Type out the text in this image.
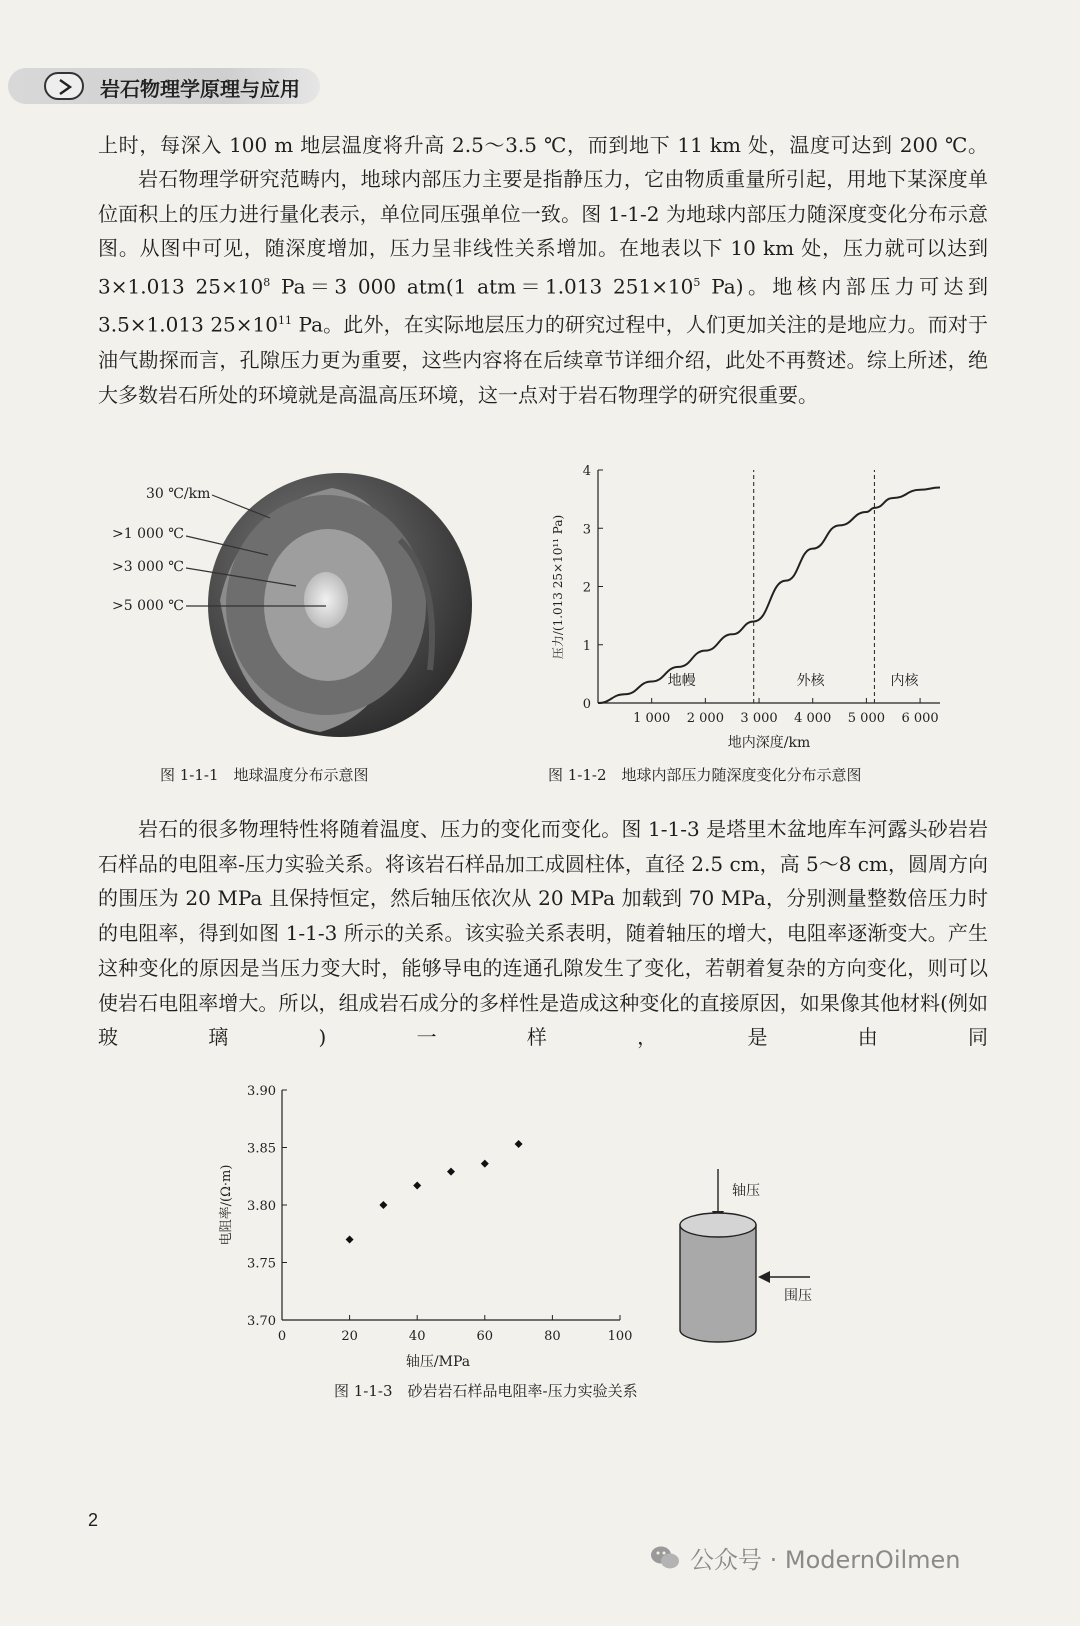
岩石物理学原理与应用

上时，每深入 100 m 地层温度将升高 2.5～3.5 ℃，而到地下 11 km 处，温度可达到 200 ℃。

岩石物理学研究范畴内，地球内部压力主要是指静压力，它由物质重量所引起，用地下某深度单位面积上的压力进行量化表示，单位同压强单位一致。图 1-1-2 为地球内部压力随深度变化分布示意图。从图中可见，随深度增加，压力呈非线性关系增加。在地表以下 10 km 处，压力就可以达到 3×1.013 $25\times 10^8$ Pa＝3 000 atm(1 atm＝1.013 $251\times 10^5$ Pa)。地核内部压力可达到 3.5×1.013 $25\times 10^{11}$ Pa。此外，在实际地层压力的研究过程中，人们更加关注的是地应力。而对于油气勘探而言，孔隙压力更为重要，这些内容将在后续章节详细介绍，此处不再赘述。综上所述，绝大多数岩石所处的环境就是高温高压环境，这一点对于岩石物理学的研究很重要。

30 ℃/km
>1 000 ℃
>3 000 ℃
>5 000 ℃
图 1-1-1　地球温度分布示意图
1 000 2 000 3 000 4 000 5 000 6 000
0
1
2
3
4
地幔	外核	内核
地内深度/km
压力/(1.013 25×10¹¹ Pa)
图 1-1-2　地球内部压力随深度变化分布示意图

岩石的很多物理特性将随着温度、压力的变化而变化。图 1-1-3 是塔里木盆地库车河露头砂岩岩石样品的电阻率-压力实验关系。将该岩石样品加工成圆柱体，直径 2.5 cm，高 5～8 cm，圆周方向的围压为 20 MPa 且保持恒定，然后轴压依次从 20 MPa 加载到 70 MPa，分别测量整数倍压力时的电阻率，得到如图 1-1-3 所示的关系。该实验关系表明，随着轴压的增大，电阻率逐渐变大。产生这种变化的原因是当压力变大时，能够导电的连通孔隙发生了变化，若朝着复杂的方向变化，则可以使岩石电阻率增大。所以，组成岩石成分的多样性是造成这种变化的直接原因，如果像其他材料(例如玻璃)一样，是由同

0	20	40	60	80	100
3.70
3.75
3.80
3.85
3.90
轴压/MPa
电阻率/(Ω·m)	轴压
围压
图 1-1-3　砂岩岩石样品电阻率-压力实验关系
2
公众号 · ModernOilmen
